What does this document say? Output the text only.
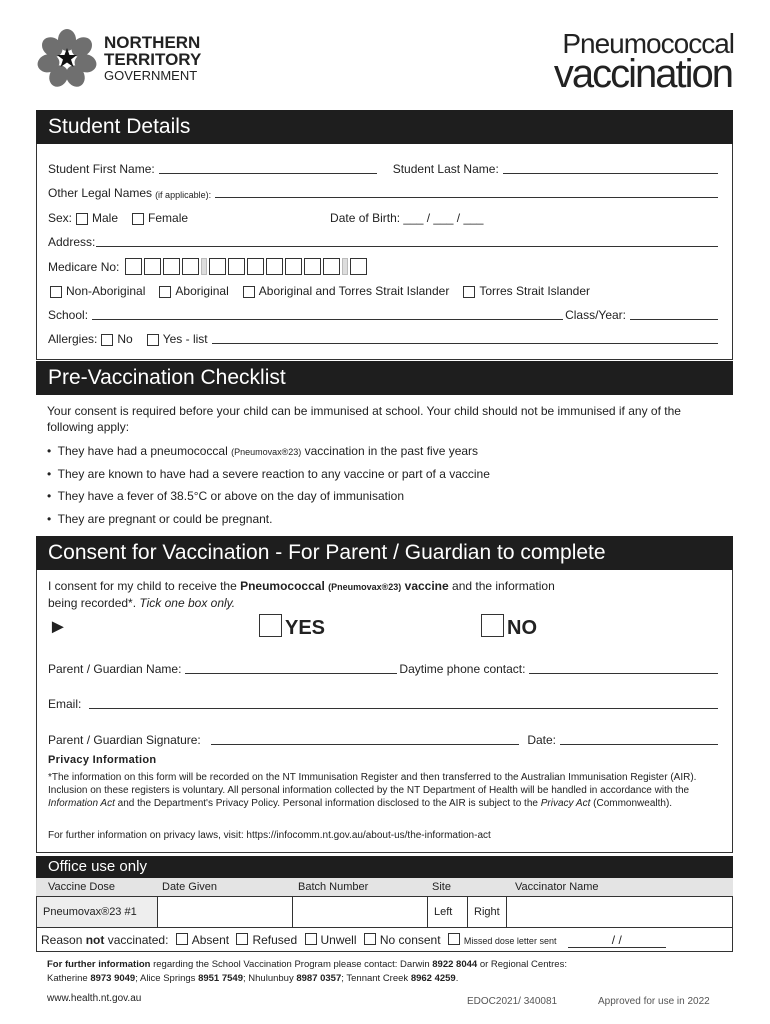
NORTHERN
TERRITORY
GOVERNMENT
Pneumococcal
vaccination
Student Details
Student First Name:	Student Last Name:
Other Legal Names (if applicable):
Sex: Male	Female	Date of Birth: ___ / ___ / ___
Address:
Medicare No:
Non-Aboriginal	Aboriginal	Aboriginal and Torres Strait Islander	Torres Strait Islander
School:	Class/Year:
Allergies: No	Yes - list
Pre-Vaccination Checklist
Your consent is required before your child can be immunised at school. Your child should not be immunised if any of the following apply:
•  They have had a pneumococcal (Pneumovax®23) vaccination in the past five years
•  They are known to have had a severe reaction to any vaccine or part of a vaccine
•  They have a fever of 38.5°C or above on the day of immunisation
•  They are pregnant or could be pregnant.
Consent for Vaccination - For Parent / Guardian to complete
I consent for my child to receive the Pneumococcal (Pneumovax®23) vaccine and the information
being recorded*. Tick one box only.
►	YES	NO
Parent / Guardian Name:	Daytime phone contact:
Email:
Parent / Guardian Signature:	Date:
Privacy Information
*The information on this form will be recorded on the NT Immunisation Register and then transferred to the Australian Immunisation Register (AIR). Inclusion on these registers is voluntary. All personal information collected by the NT Department of Health will be handled in accordance with the Information Act and the Department's Privacy Policy. Personal information disclosed to the AIR is subject to the Privacy Act (Commonwealth).
For further information on privacy laws, visit: https://infocomm.nt.gov.au/about-us/the-information-act
Office use only
Vaccine Dose	Date Given	Batch Number	Site	Vaccinator Name
Pneumovax®23 #1			Left	Right	
Reason not vaccinated: Absent Refused Unwell No consent	Missed dose letter sent	/ /
For further information regarding the School Vaccination Program please contact: Darwin 8922 8044 or Regional Centres:
Katherine 8973 9049; Alice Springs 8951 7549; Nhulunbuy 8987 0357; Tennant Creek 8962 4259.
www.health.nt.gov.au	EDOC2021/ 340081	Approved for use in 2022
